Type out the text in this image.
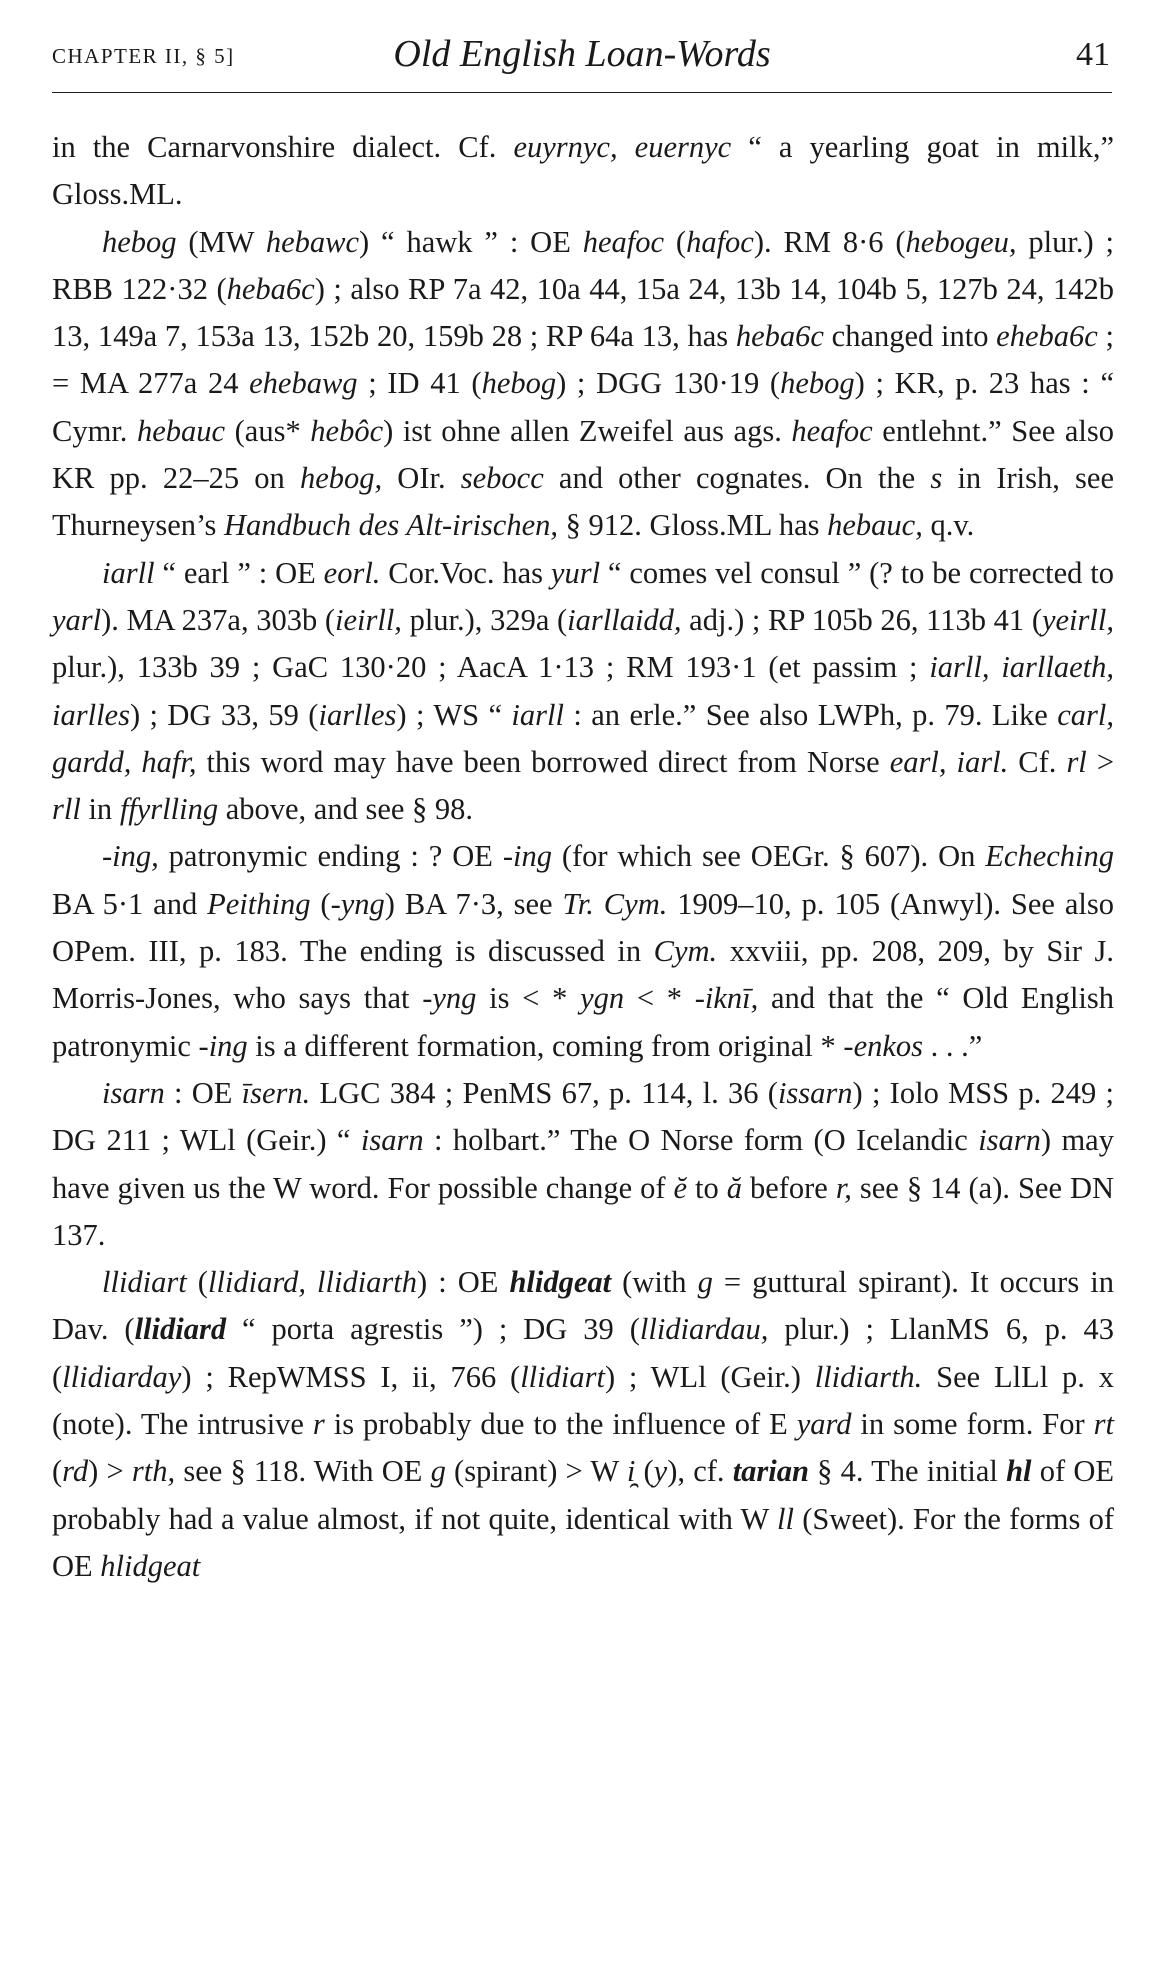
CHAPTER II, § 5]	Old English Loan-Words	41

in the Carnarvonshire dialect. Cf. euyrnyc, euernyc “ a yearling goat in milk,” Gloss.ML.

hebog (MW hebawc) “ hawk ” : OE heafoc (hafoc). RM 8·6 (hebogeu, plur.) ; RBB 122·32 (heba6c) ; also RP 7a 42, 10a 44, 15a 24, 13b 14, 104b 5, 127b 24, 142b 13, 149a 7, 153a 13, 152b 20, 159b 28 ; RP 64a 13, has heba6c changed into eheba6c ; = MA 277a 24 ehebawg ; ID 41 (hebog) ; DGG 130·19 (hebog) ; KR, p. 23 has : “ Cymr. hebauc (aus* hebôc) ist ohne allen Zweifel aus ags. heafoc entlehnt.” See also KR pp. 22–25 on hebog, OIr. sebocc and other cognates. On the s in Irish, see Thurneysen’s Handbuch des Alt-irischen, § 912. Gloss.ML has hebauc, q.v.

iarll “ earl ” : OE eorl. Cor.Voc. has yurl “ comes vel consul ” (? to be corrected to yarl). MA 237a, 303b (ieirll, plur.), 329a (iarllaidd, adj.) ; RP 105b 26, 113b 41 (yeirll, plur.), 133b 39 ; GaC 130·20 ; AacA 1·13 ; RM 193·1 (et passim ; iarll, iarllaeth, iarlles) ; DG 33, 59 (iarlles) ; WS “ iarll : an erle.” See also LWPh, p. 79. Like carl, gardd, hafr, this word may have been borrowed direct from Norse earl, iarl. Cf. rl > rll in ffyrlling above, and see § 98.

-ing, patronymic ending : ? OE -ing (for which see OEGr. § 607). On Echeching BA 5·1 and Peithing (-yng) BA 7·3, see Tr. Cym. 1909–10, p. 105 (Anwyl). See also OPem. III, p. 183. The ending is discussed in Cym. xxviii, pp. 208, 209, by Sir J. Morris-Jones, who says that -yng is < * ygn < * -iknī, and that the “ Old English patronymic -ing is a different formation, coming from original * -enkos . . .”

isarn : OE īsern. LGC 384 ; PenMS 67, p. 114, l. 36 (issarn) ; Iolo MSS p. 249 ; DG 211 ; WLl (Geir.) “ isarn : holbart.” The O Norse form (O Icelandic isarn) may have given us the W word. For possible change of ĕ to ă before r, see § 14 (a). See DN 137.

llidiart (llidiard, llidiarth) : OE hlidgeat (with g = guttural spirant). It occurs in Dav. (llidiard “ porta agrestis ”) ; DG 39 (llidiardau, plur.) ; LlanMS 6, p. 43 (llidiarday) ; RepWMSS I, ii, 766 (llidiart) ; WLl (Geir.) llidiarth. See LlLl p. x (note). The intrusive r is probably due to the influence of E yard in some form. For rt (rd) > rth, see § 118. With OE g (spirant) > W i̯ (y), cf. tarian § 4. The initial hl of OE probably had a value almost, if not quite, identical with W ll (Sweet). For the forms of OE hlidgeat
